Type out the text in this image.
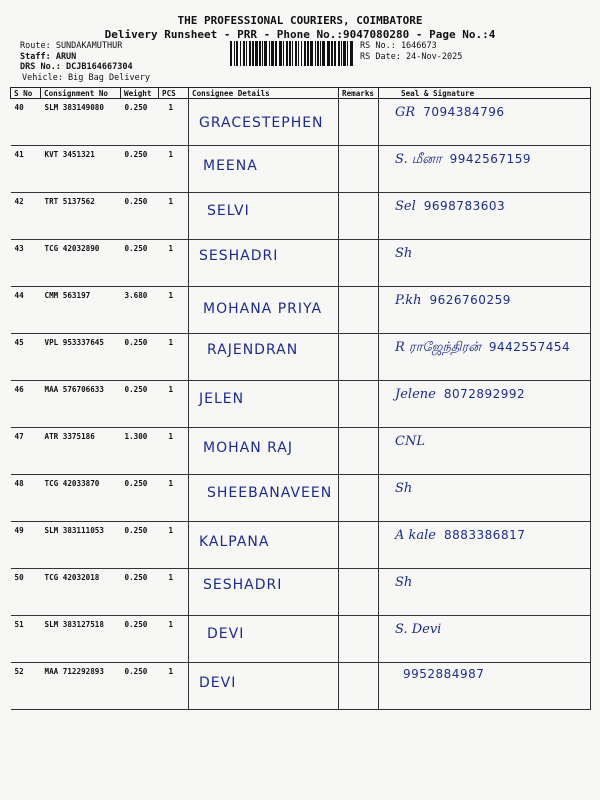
THE PROFESSIONAL COURIERS, COIMBATORE
Delivery Runsheet - PRR - Phone No.:9047080280 - Page No.:4
Route: SUNDAKAMUTHUR
Staff: ARUN
DRS No.: DCJB164667304
Vehicle: Big Bag Delivery
RS No.: 1646673
RS Date: 24-Nov-2025
S No	Consignment No	Weight	PCS	Consignee Details	Remarks	Seal & Signature
40	SLM 383149080	0.250	1	GRACESTEPHEN		GR 7094384796
41	KVT 3451321	0.250	1	MEENA		S. மீனா 9942567159
42	TRT 5137562	0.250	1	SELVI		Sel 9698783603
43	TCG 42032890	0.250	1	SESHADRI		Sh
44	CMM 563197	3.680	1	MOHANA PRIYA		P.kh 9626760259
45	VPL 953337645	0.250	1	RAJENDRAN		R ராஜேந்திரன் 9442557454
46	MAA 576706633	0.250	1	JELEN		Jelene 8072892992
47	ATR 3375186	1.300	1	MOHAN RAJ		CNL
48	TCG 42033870	0.250	1	SHEEBANAVEEN		Sh
49	SLM 383111053	0.250	1	KALPANA		A kale 8883386817
50	TCG 42032018	0.250	1	SESHADRI		Sh
51	SLM 383127518	0.250	1	DEVI		S. Devi
52	MAA 712292893	0.250	1	DEVI		9952884987
